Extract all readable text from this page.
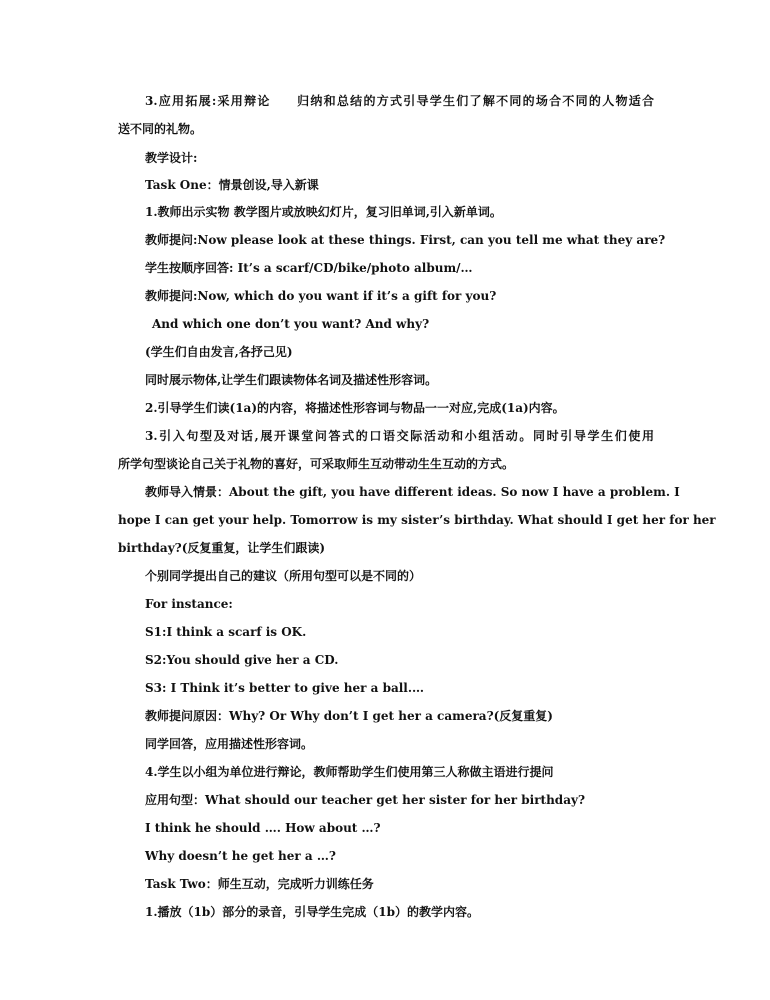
3.应用拓展:采用辩论　　归纳和总结的方式引导学生们了解不同的场合不同的人物适合
送不同的礼物。
教学设计:
Task One：情景创设,导入新课
1.教师出示实物 教学图片或放映幻灯片，复习旧单词,引入新单词。
教师提问:Now please look at these things. First, can you tell me what they are?
学生按顺序回答: It’s a scarf/CD/bike/photo album/…
教师提问:Now, which do you want if it’s a gift for you?
And which one don’t you want? And why?
(学生们自由发言,各抒己见)
同时展示物体,让学生们跟读物体名词及描述性形容词。
2.引导学生们读(1a)的内容，将描述性形容词与物品一一对应,完成(1a)内容。
3.引入句型及对话,展开课堂问答式的口语交际活动和小组活动。同时引导学生们使用
所学句型谈论自己关于礼物的喜好，可采取师生互动带动生生互动的方式。
教师导入情景：About the gift, you have different ideas. So now I have a problem. I
hope I can get your help. Tomorrow is my sister’s birthday. What should I get her for her
birthday?(反复重复，让学生们跟读)
个别同学提出自己的建议（所用句型可以是不同的）
For instance:
S1:I think a scarf is OK.
S2:You should give her a CD.
S3: I Think it’s better to give her a ball.…
教师提问原因：Why? Or Why don’t I get her a camera?(反复重复)
同学回答，应用描述性形容词。
4.学生以小组为单位进行辩论，教师帮助学生们使用第三人称做主语进行提问
应用句型：What should our teacher get her sister for her birthday?
I think he should …. How about …?
Why doesn’t he get her a …?
Task Two：师生互动，完成听力训练任务
1.播放（1b）部分的录音，引导学生完成（1b）的教学内容。
